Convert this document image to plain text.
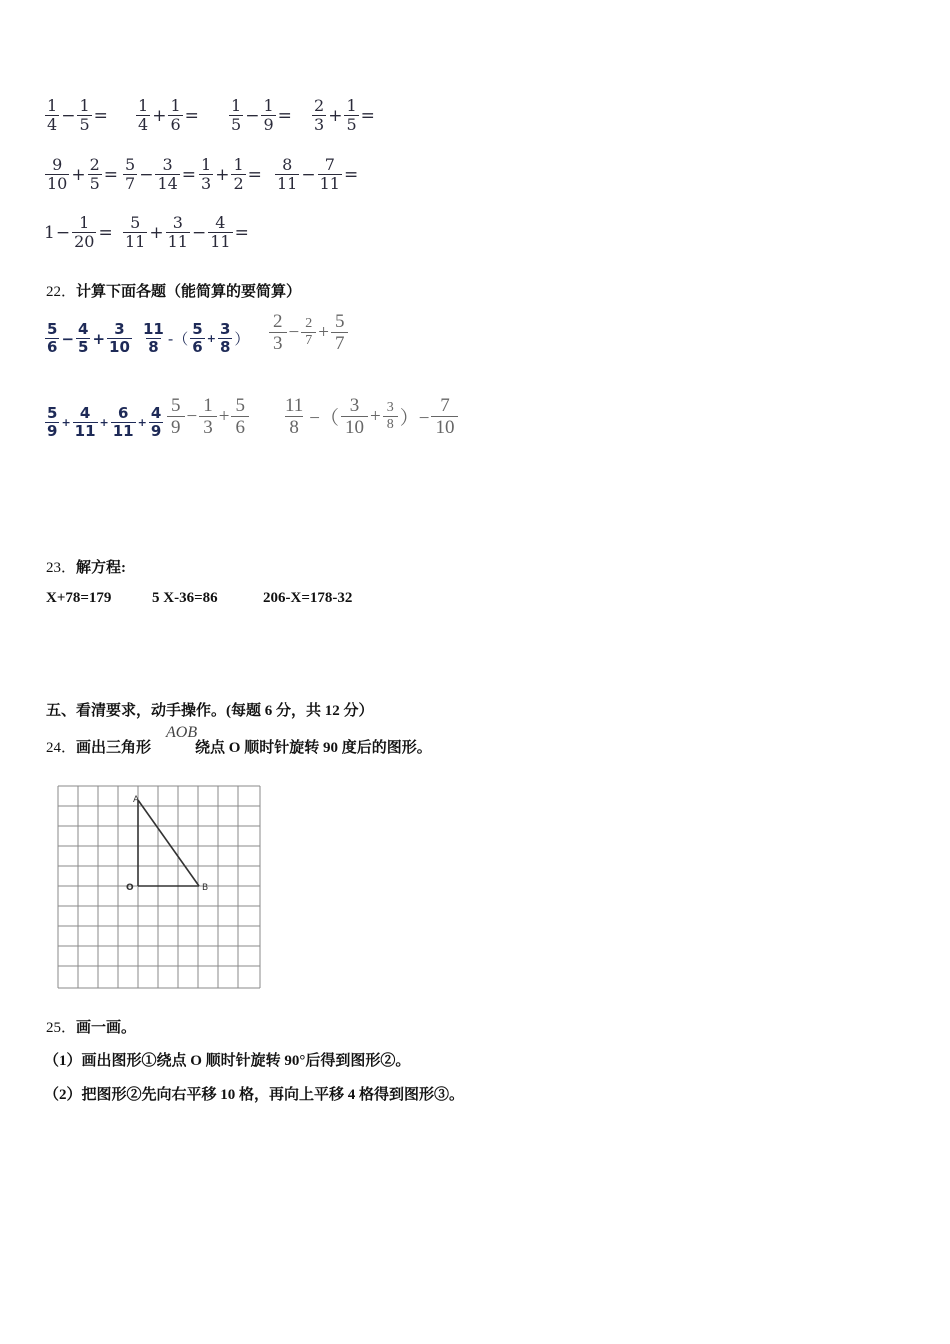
1
$4 - \frac{1}{5} = 1$
$4 + \frac{1}{6} = 1$
$5 - \frac{1}{9} = 2$
$3 + \frac{1}{5}$ =
9
$10 + \frac{2}{5} = 5$
$7 - \frac{3}{14} = 1$
$3 + \frac{1}{2} = 8$
$11 - \frac{7}{11}$ =
$1 - \frac{1}{20} = 5$
$11 + \frac{3}{11} - \frac{4}{11}$ =
22．计算下面各题（能简算的要简算）
5
$6 - \frac{4}{5} + \frac{3}{10} 11$
8 -（
5
$6 + \frac{3}{8}$ ）
2
3
− $\frac{2}{7} + \frac{5}{7}$
5
$9 + \frac{4}{11} + \frac{6}{11} + \frac{4}{9}$
5
9
− $\frac{1}{3} + \frac{5}{6} 11$
8 −（
3
10
+ $\frac{3}{8}$ ）− $\frac{7}{10}$
23．解方程:
X+78=179	5 X-36=86	206-X=178-32
五、看清要求，动手操作。(每题 6 分，共 12 分）
24．画出三角形	绕点 O 顺时针旋转 90 度后的图形。
AOB
A
O	B
25．画一画。
（1）画出图形①绕点 O 顺时针旋转 90°后得到图形②。
（2）把图形②先向右平移 10 格，再向上平移 4 格得到图形③。
